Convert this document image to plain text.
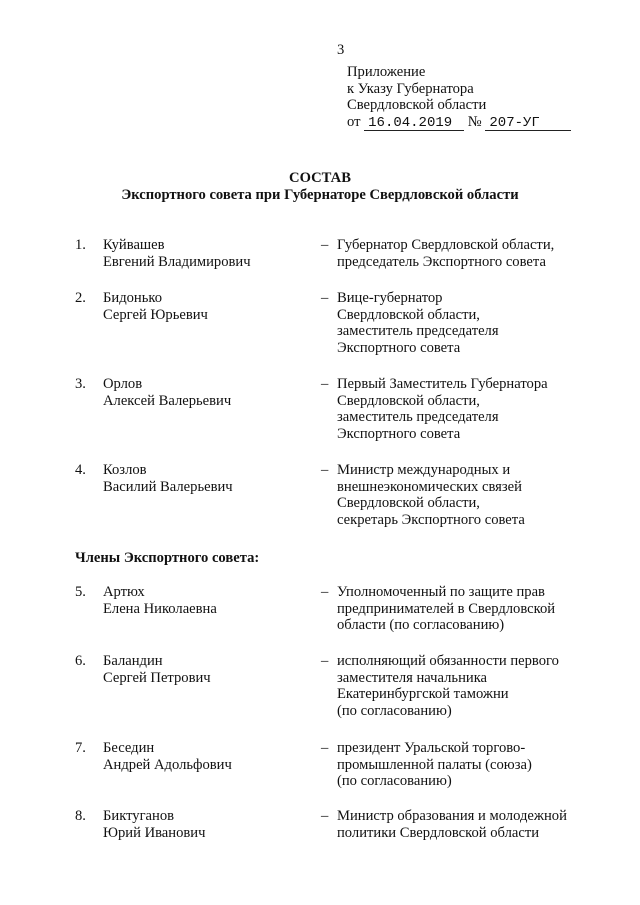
3
Приложение
к Указу Губернатора
Свердловской области
от 16.04.2019 № 207-УГ
СОСТАВ
Экспортного совета при Губернаторе Свердловской области
1.	Куйвашев
Евгений Владимирович
– Губернатор Свердловской области,
председатель Экспортного совета
2.	Бидонько
Сергей Юрьевич
– Вице-губернатор
Свердловской области,
заместитель председателя
Экспортного совета
3.	Орлов
Алексей Валерьевич
– Первый Заместитель Губернатора
Свердловской области,
заместитель председателя
Экспортного совета
4.	Козлов
Василий Валерьевич
– Министр международных и
внешнеэкономических связей
Свердловской области,
секретарь Экспортного совета
Члены Экспортного совета:
5.	Артюх
Елена Николаевна
– Уполномоченный по защите прав
предпринимателей в Свердловской
области (по согласованию)
6.	Баландин
Сергей Петрович
– исполняющий обязанности первого
заместителя начальника
Екатеринбургской таможни
(по согласованию)
7.	Беседин
Андрей Адольфович
– президент Уральской торгово-
промышленной палаты (союза)
(по согласованию)
8.	Биктуганов
Юрий Иванович
– Министр образования и молодежной
политики Свердловской области
